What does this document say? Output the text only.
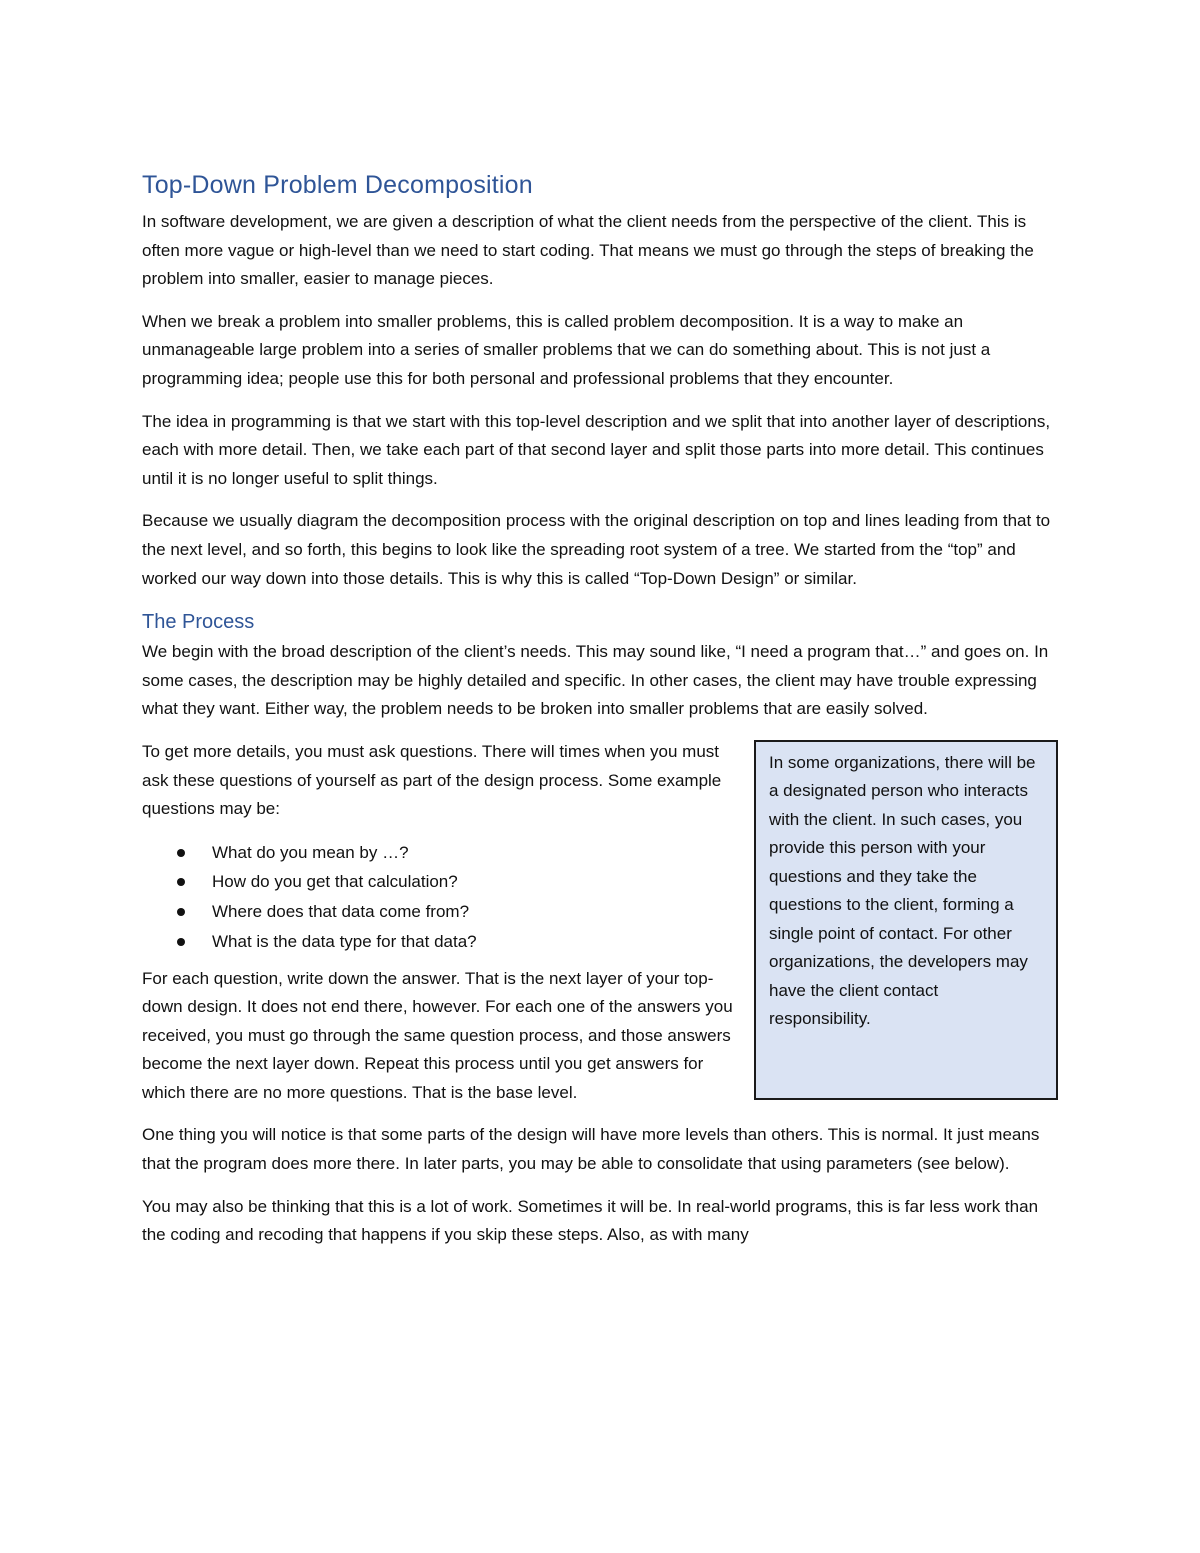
Top-Down Problem Decomposition

In software development, we are given a description of what the client needs from the perspective of the client. This is often more vague or high-level than we need to start coding. That means we must go through the steps of breaking the problem into smaller, easier to manage pieces.

When we break a problem into smaller problems, this is called problem decomposition. It is a way to make an unmanageable large problem into a series of smaller problems that we can do something about. This is not just a programming idea; people use this for both personal and professional problems that they encounter.

The idea in programming is that we start with this top-level description and we split that into another layer of descriptions, each with more detail. Then, we take each part of that second layer and split those parts into more detail. This continues until it is no longer useful to split things.

Because we usually diagram the decomposition process with the original description on top and lines leading from that to the next level, and so forth, this begins to look like the spreading root system of a tree. We started from the “top” and worked our way down into those details. This is why this is called “Top-Down Design” or similar.

The Process

We begin with the broad description of the client’s needs. This may sound like, “I need a program that…” and goes on. In some cases, the description may be highly detailed and specific. In other cases, the client may have trouble expressing what they want. Either way, the problem needs to be broken into smaller problems that are easily solved.

In some organizations, there will be a designated person who interacts with the client. In such cases, you provide this person with your questions and they take the questions to the client, forming a single point of contact. For other organizations, the developers may have the client contact responsibility.

To get more details, you must ask questions. There will times when you must ask these questions of yourself as part of the design process. Some example questions may be:

What do you mean by …?
How do you get that calculation?
Where does that data come from?
What is the data type for that data?

For each question, write down the answer. That is the next layer of your top-down design. It does not end there, however. For each one of the answers you received, you must go through the same question process, and those answers become the next layer down. Repeat this process until you get answers for which there are no more questions. That is the base level.

One thing you will notice is that some parts of the design will have more levels than others. This is normal. It just means that the program does more there. In later parts, you may be able to consolidate that using parameters (see below).

You may also be thinking that this is a lot of work. Sometimes it will be. In real-world programs, this is far less work than the coding and recoding that happens if you skip these steps. Also, as with many
